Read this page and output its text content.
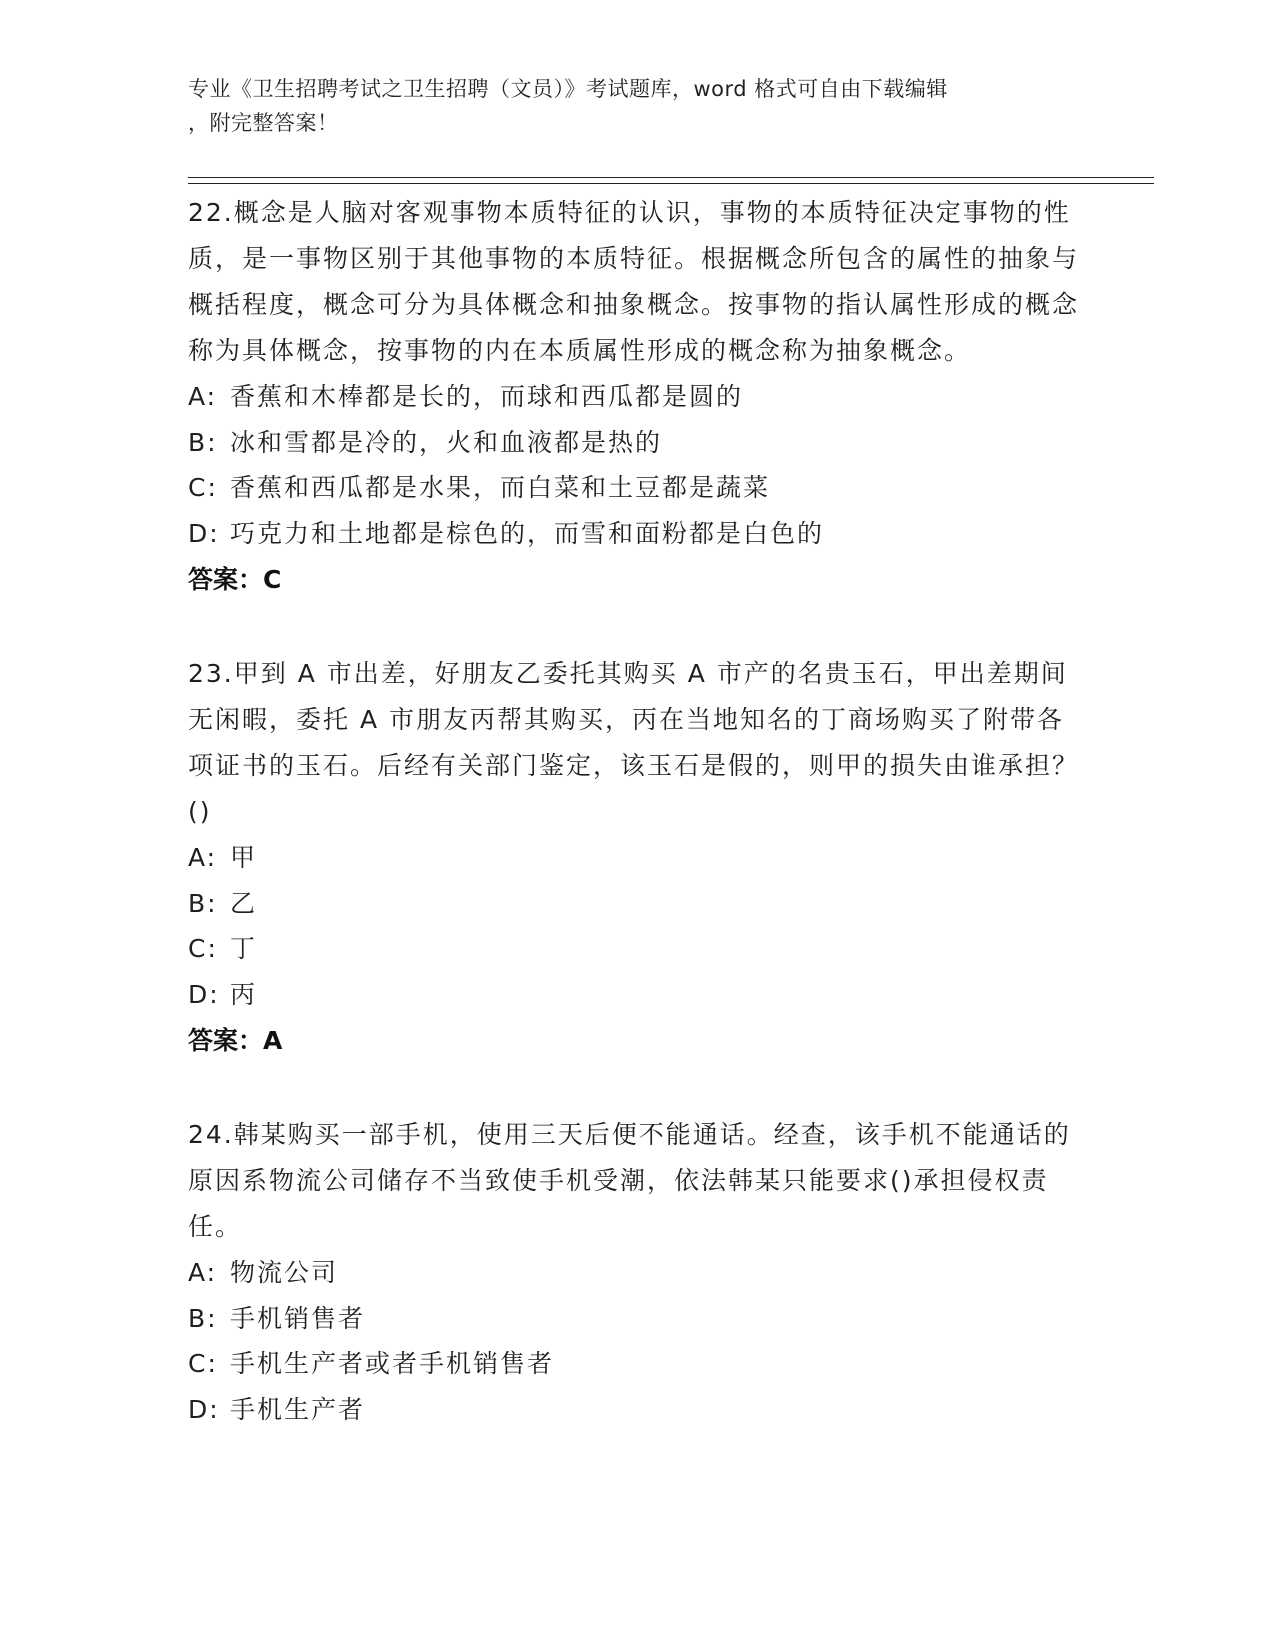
专业《卫生招聘考试之卫生招聘（文员）》考试题库，word 格式可自由下载编辑
，附完整答案！
22.概念是人脑对客观事物本质特征的认识，事物的本质特征决定事物的性质，是一事物区别于其他事物的本质特征。根据概念所包含的属性的抽象与概括程度，概念可分为具体概念和抽象概念。按事物的指认属性形成的概念称为具体概念，按事物的内在本质属性形成的概念称为抽象概念。
A: 香蕉和木棒都是长的，而球和西瓜都是圆的
B: 冰和雪都是冷的，火和血液都是热的
C: 香蕉和西瓜都是水果，而白菜和土豆都是蔬菜
D: 巧克力和土地都是棕色的，而雪和面粉都是白色的
答案：C
23.甲到 A 市出差，好朋友乙委托其购买 A 市产的名贵玉石，甲出差期间无闲暇，委托 A 市朋友丙帮其购买，丙在当地知名的丁商场购买了附带各项证书的玉石。后经有关部门鉴定，该玉石是假的，则甲的损失由谁承担？()
A: 甲
B: 乙
C: 丁
D: 丙
答案：A
24.韩某购买一部手机，使用三天后便不能通话。经查，该手机不能通话的原因系物流公司储存不当致使手机受潮，依法韩某只能要求()承担侵权责任。
A: 物流公司
B: 手机销售者
C: 手机生产者或者手机销售者
D: 手机生产者
